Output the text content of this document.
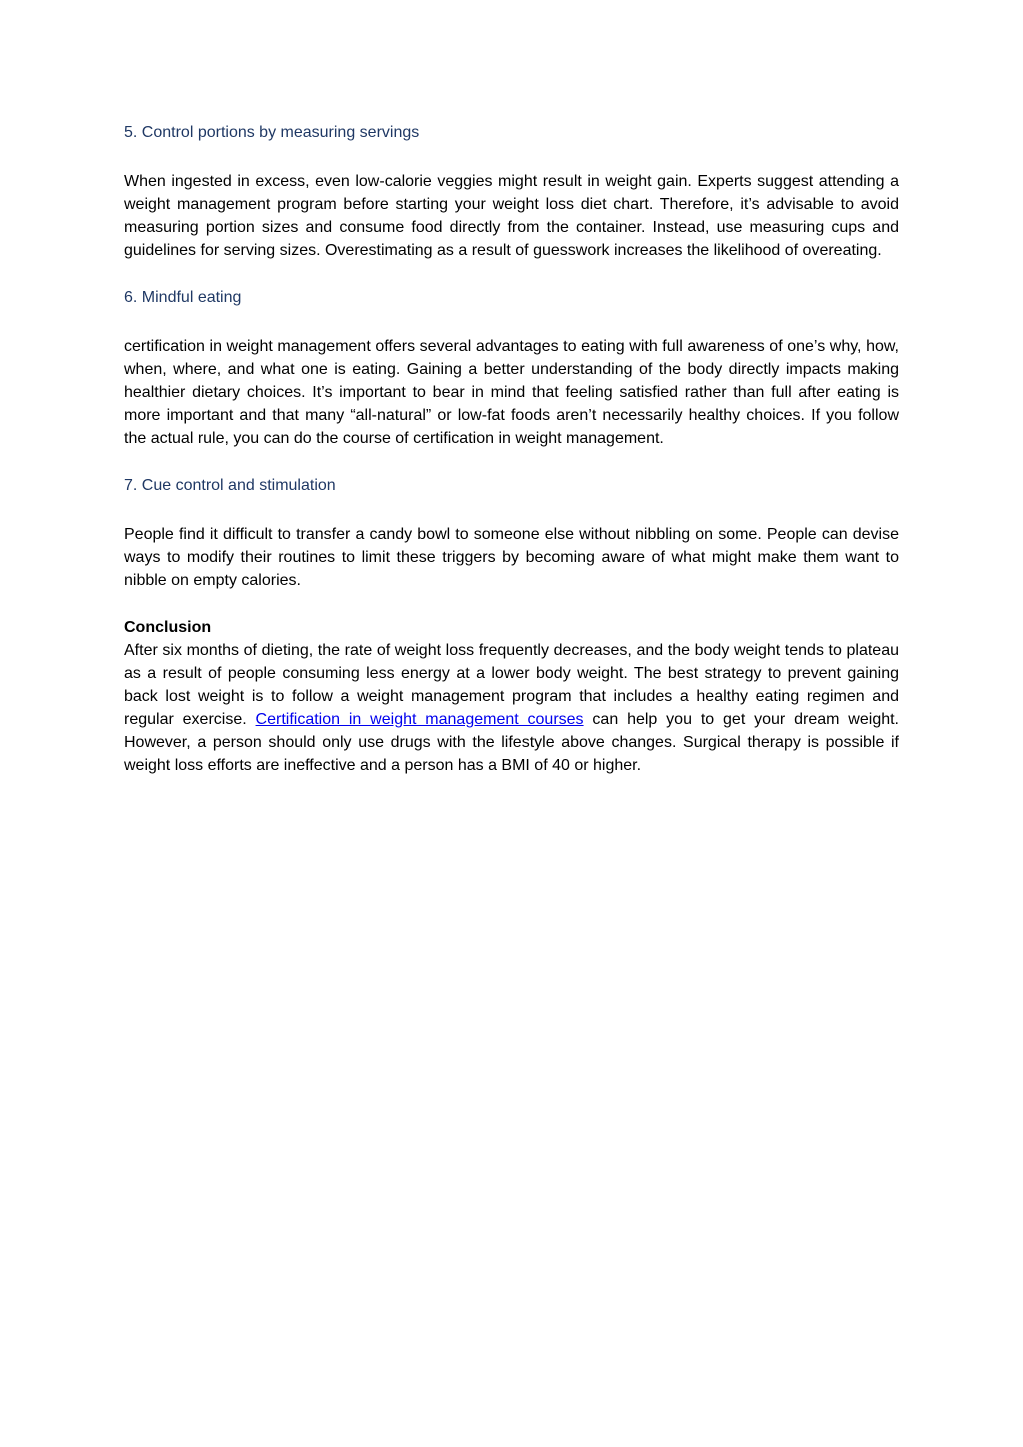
5. Control portions by measuring servings

When ingested in excess, even low-calorie veggies might result in weight gain. Experts suggest attending a weight management program before starting your weight loss diet chart. Therefore, it’s advisable to avoid measuring portion sizes and consume food directly from the container. Instead, use measuring cups and guidelines for serving sizes. Overestimating as a result of guesswork increases the likelihood of overeating.

6. Mindful eating

certification in weight management offers several advantages to eating with full awareness of one’s why, how, when, where, and what one is eating. Gaining a better understanding of the body directly impacts making healthier dietary choices. It’s important to bear in mind that feeling satisfied rather than full after eating is more important and that many “all-natural” or low-fat foods aren’t necessarily healthy choices. If you follow the actual rule, you can do the course of certification in weight management.

7. Cue control and stimulation

People find it difficult to transfer a candy bowl to someone else without nibbling on some. People can devise ways to modify their routines to limit these triggers by becoming aware of what might make them want to nibble on empty calories.

Conclusion

After six months of dieting, the rate of weight loss frequently decreases, and the body weight tends to plateau as a result of people consuming less energy at a lower body weight. The best strategy to prevent gaining back lost weight is to follow a weight management program that includes a healthy eating regimen and regular exercise. Certification in weight management courses can help you to get your dream weight. However, a person should only use drugs with the lifestyle above changes. Surgical therapy is possible if weight loss efforts are ineffective and a person has a BMI of 40 or higher.
